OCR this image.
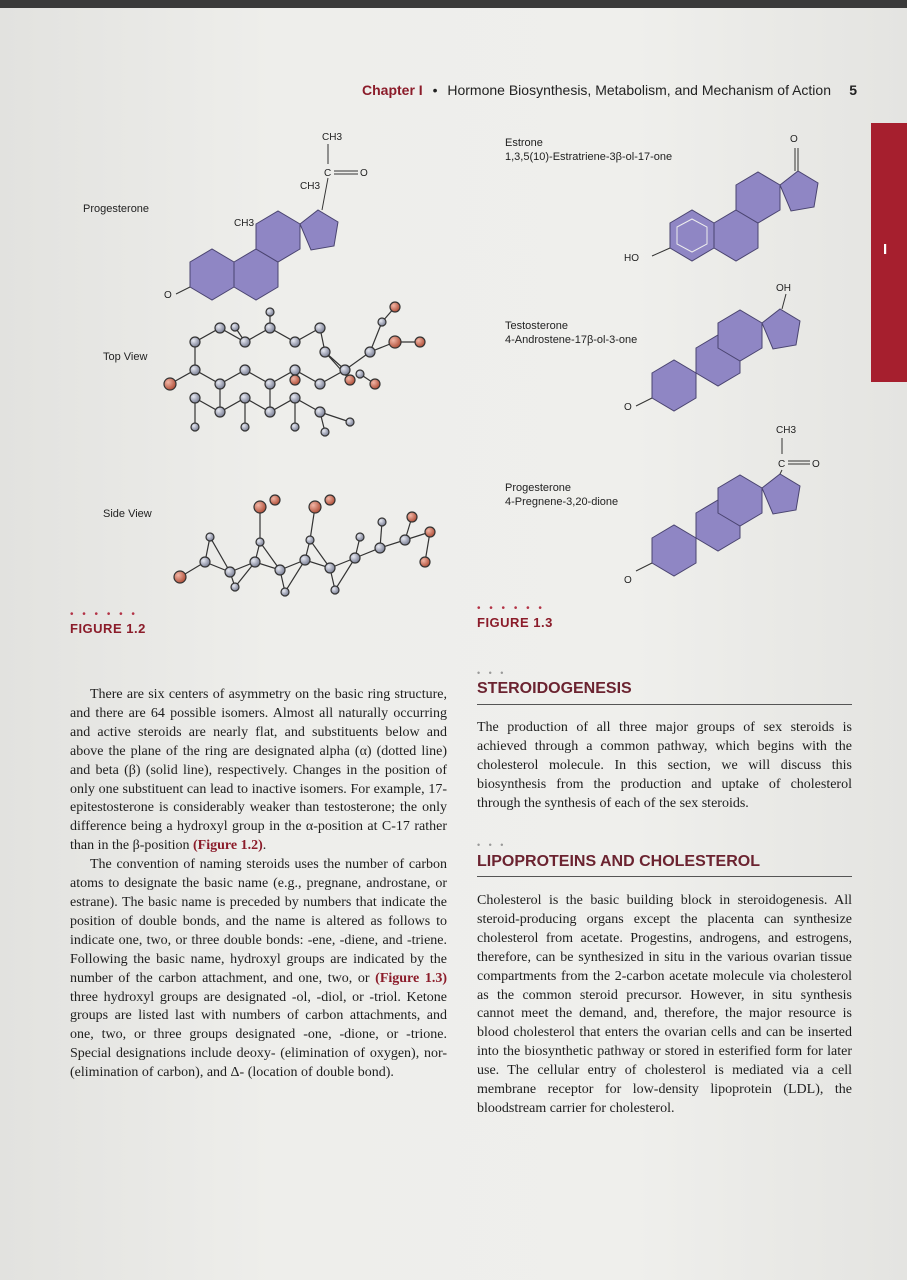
Chapter I • Hormone Biosynthesis, Metabolism, and Mechanism of Action 5
I
Progesterone
Top View
Side View
O
CH3
CH3
CH3
C	O
• • • • • •
FIGURE 1.2
Estrone
1,3,5(10)-Estratriene-3β-ol-17-one
Testosterone
4-Androstene-17β-ol-3-one
Progesterone
4-Pregnene-3,20-dione
HO
O
O
OH
O
CH3
C	O
• • • • • •
FIGURE 1.3

There are six centers of asymmetry on the basic ring structure, and there are 64 possible isomers. Almost all naturally occurring and active steroids are nearly flat, and substituents below and above the plane of the ring are designated alpha (α) (dotted line) and beta (β) (solid line), respectively. Changes in the position of only one substituent can lead to inactive isomers. For example, 17-epitestosterone is considerably weaker than testosterone; the only difference being a hydroxyl group in the α-position at C-17 rather than in the β-position (Figure 1.2).

The convention of naming steroids uses the number of carbon atoms to designate the basic name (e.g., pregnane, androstane, or estrane). The basic name is preceded by numbers that indicate the position of double bonds, and the name is altered as follows to indicate one, two, or three double bonds: -ene, -diene, and -triene. Following the basic name, hydroxyl groups are indicated by the number of the carbon attachment, and one, two, or (Figure 1.3) three hydroxyl groups are designated -ol, -diol, or -triol. Ketone groups are listed last with numbers of carbon attachments, and one, two, or three groups designated -one, -dione, or -trione. Special designations include deoxy- (elimination of oxygen), nor- (elimination of carbon), and Δ- (location of double bond).

• • •
STEROIDOGENESIS

The production of all three major groups of sex steroids is achieved through a common pathway, which begins with the cholesterol molecule. In this section, we will discuss this biosynthesis from the production and uptake of cholesterol through the synthesis of each of the sex steroids.

• • •
LIPOPROTEINS AND CHOLESTEROL

Cholesterol is the basic building block in steroidogenesis. All steroid-producing organs except the placenta can synthesize cholesterol from acetate. Progestins, androgens, and estrogens, therefore, can be synthesized in situ in the various ovarian tissue compartments from the 2-carbon acetate molecule via cholesterol as the common steroid precursor. However, in situ synthesis cannot meet the demand, and, therefore, the major resource is blood cholesterol that enters the ovarian cells and can be inserted into the biosynthetic pathway or stored in esterified form for later use. The cellular entry of cholesterol is mediated via a cell membrane receptor for low-density lipoprotein (LDL), the bloodstream carrier for cholesterol.
